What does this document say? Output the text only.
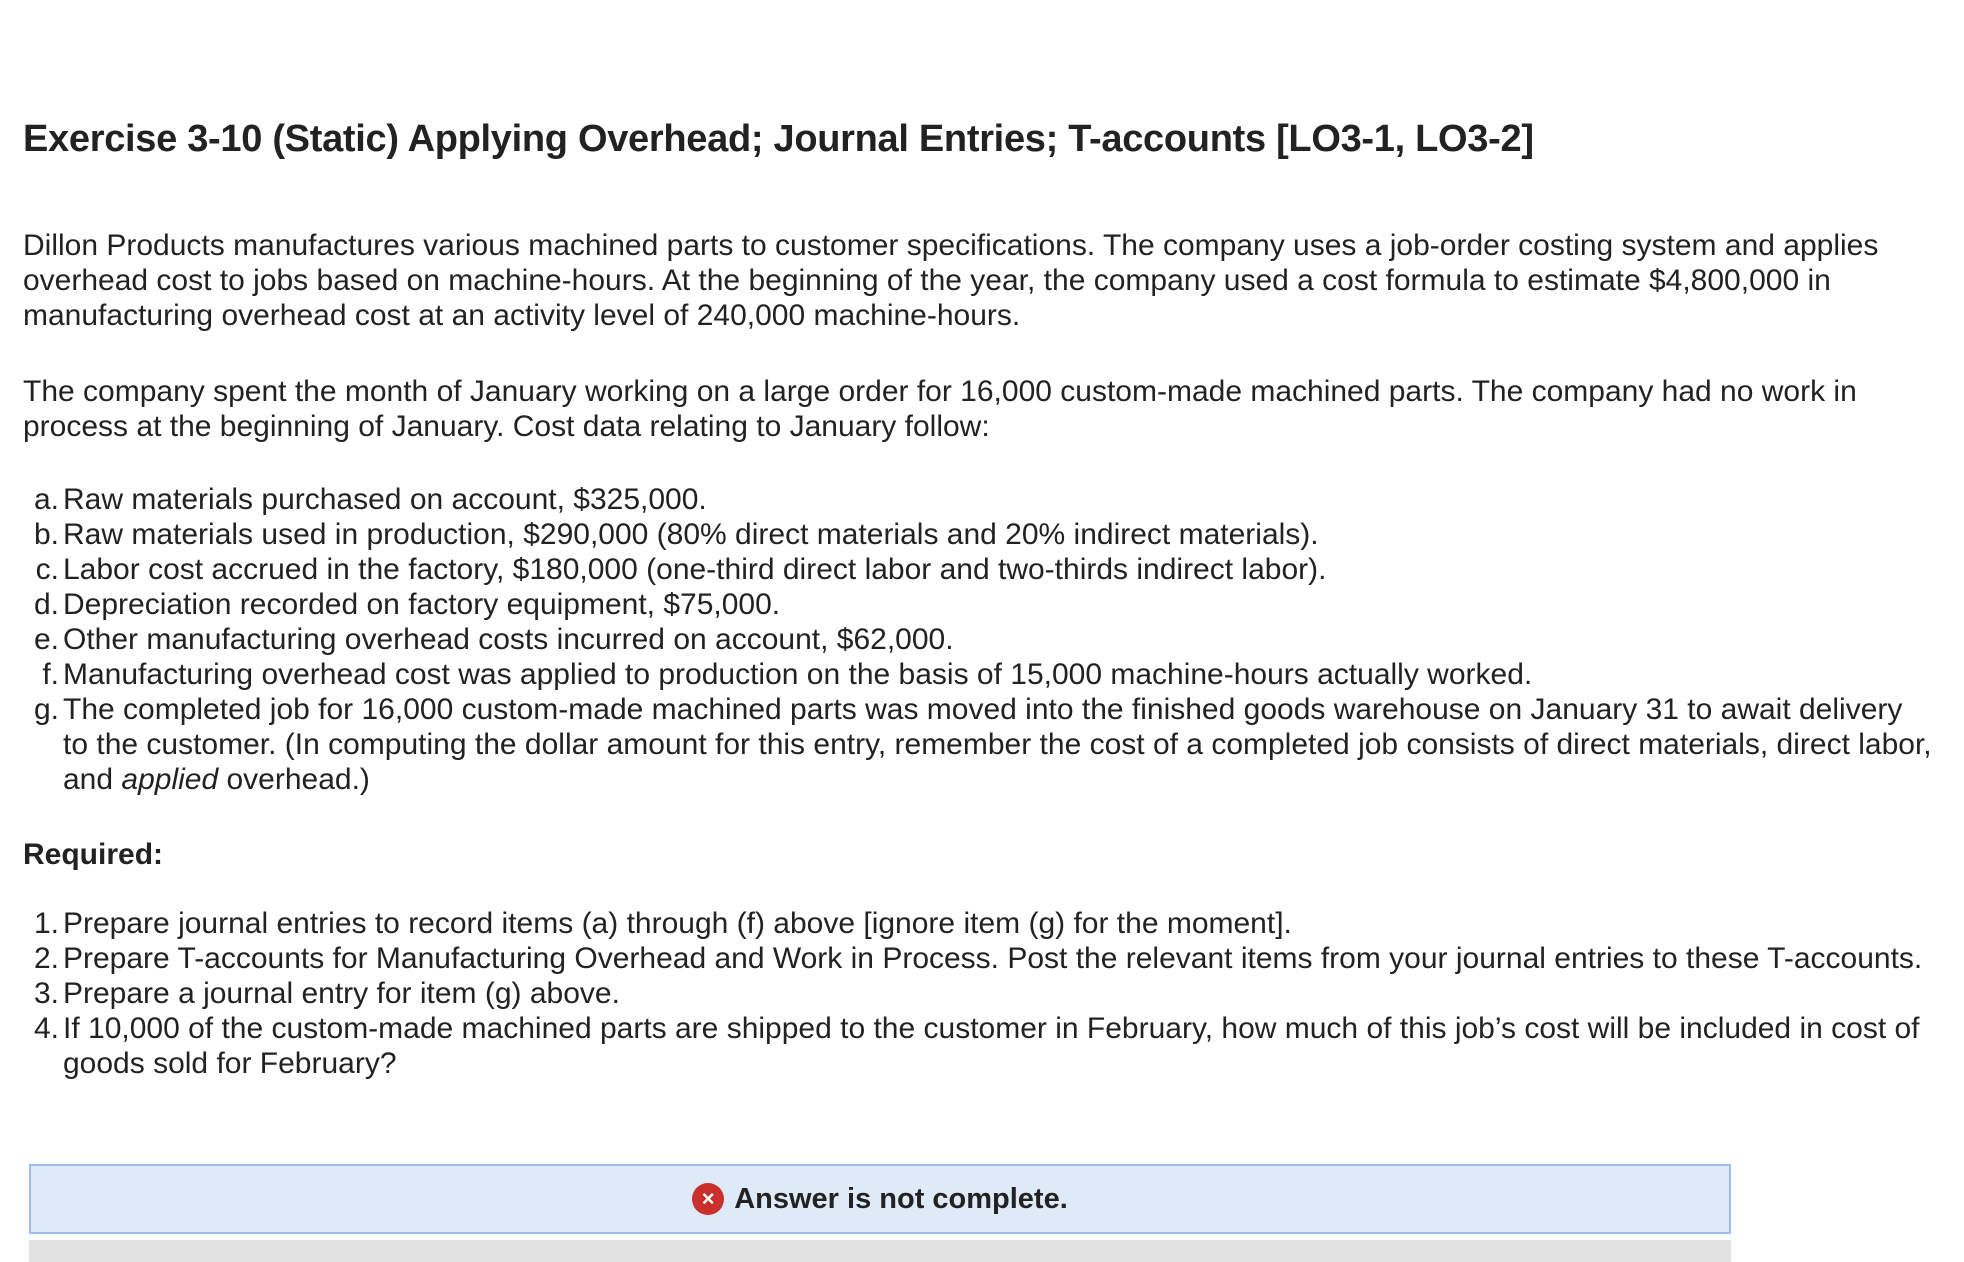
Exercise 3-10 (Static) Applying Overhead; Journal Entries; T-accounts [LO3-1, LO3-2]

Dillon Products manufactures various machined parts to customer specifications. The company uses a job-order costing system and applies overhead cost to jobs based on machine-hours. At the beginning of the year, the company used a cost formula to estimate $4,800,000 in manufacturing overhead cost at an activity level of 240,000 machine-hours.

The company spent the month of January working on a large order for 16,000 custom-made machined parts. The company had no work in process at the beginning of January. Cost data relating to January follow:

a. Raw materials purchased on account, $325,000.
b. Raw materials used in production, $290,000 (80% direct materials and 20% indirect materials).
c. Labor cost accrued in the factory, $180,000 (one-third direct labor and two-thirds indirect labor).
d. Depreciation recorded on factory equipment, $75,000.
e. Other manufacturing overhead costs incurred on account, $62,000.
f. Manufacturing overhead cost was applied to production on the basis of 15,000 machine-hours actually worked.
g. The completed job for 16,000 custom-made machined parts was moved into the finished goods warehouse on January 31 to await delivery to the customer. (In computing the dollar amount for this entry, remember the cost of a completed job consists of direct materials, direct labor, and applied overhead.)

Required:

1. Prepare journal entries to record items (a) through (f) above [ignore item (g) for the moment].
2. Prepare T-accounts for Manufacturing Overhead and Work in Process. Post the relevant items from your journal entries to these T-accounts.
3. Prepare a journal entry for item (g) above.
4. If 10,000 of the custom-made machined parts are shipped to the customer in February, how much of this job’s cost will be included in cost of goods sold for February?
× Answer is not complete.
